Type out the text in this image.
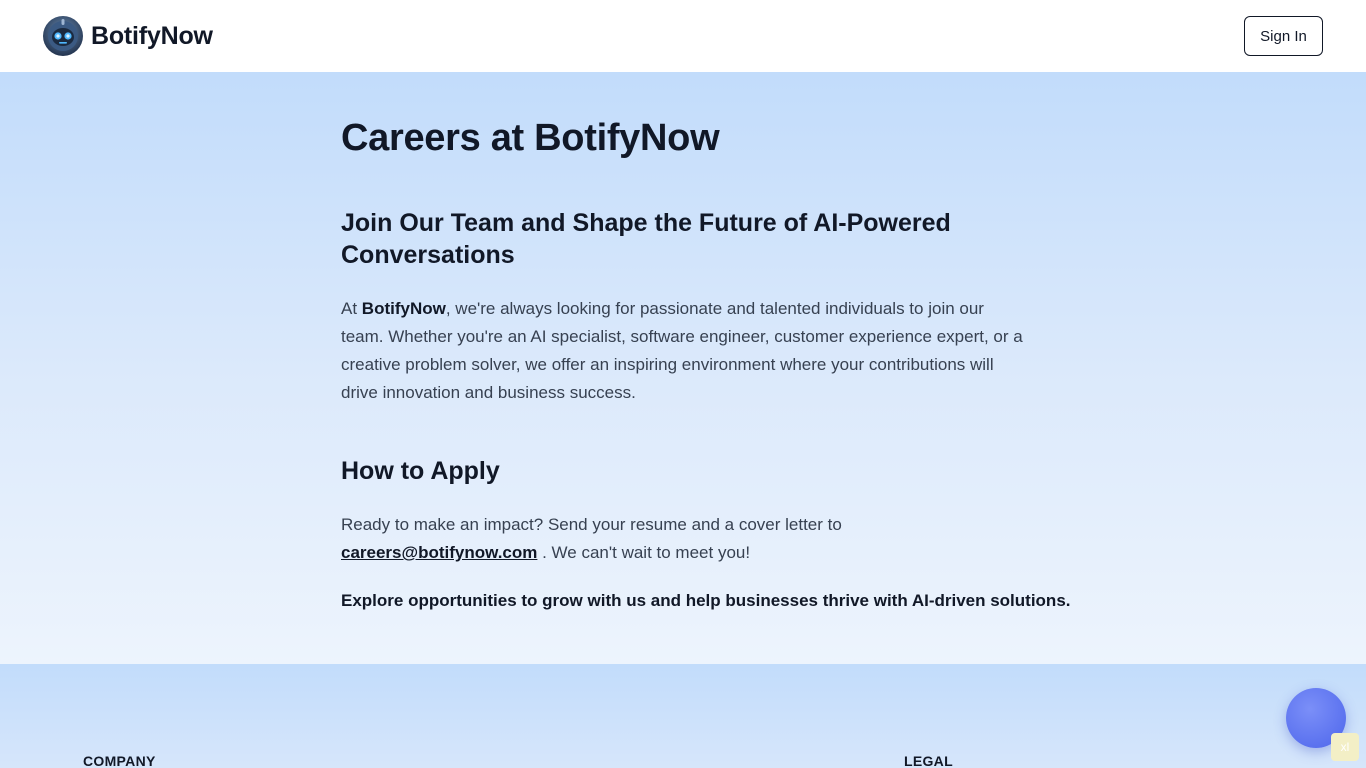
BotifyNow	Sign In
Careers at BotifyNow
Join Our Team and Shape the Future of AI-Powered Conversations

At BotifyNow, we're always looking for passionate and talented individuals to join our team. Whether you're an AI specialist, software engineer, customer experience expert, or a creative problem solver, we offer an inspiring environment where your contributions will drive innovation and business success.

How to Apply

Ready to make an impact? Send your resume and a cover letter to careers@botifynow.com . We can't wait to meet you!

Explore opportunities to grow with us and help businesses thrive with AI-driven solutions.

COMPANY	LEGAL
xl
